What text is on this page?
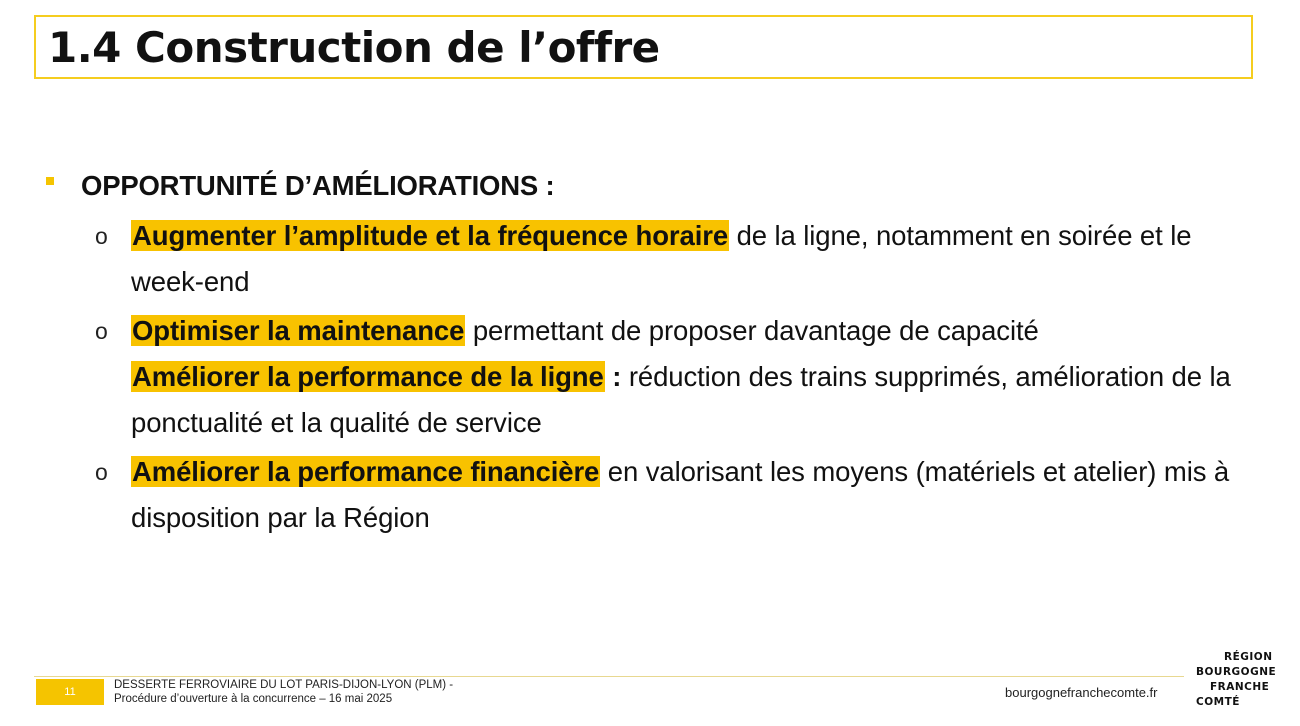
1.4 Construction de l’offre
OPPORTUNITÉ D’AMÉLIORATIONS :
o Augmenter l’amplitude et la fréquence horaire de la ligne, notamment en soirée et le week-end
o Optimiser la maintenance permettant de proposer davantage de capacité
Améliorer la performance de la ligne : réduction des trains supprimés, amélioration de la ponctualité et la qualité de service
o Améliorer la performance financière en valorisant les moyens (matériels et atelier) mis à disposition par la Région
11
DESSERTE FERROVIAIRE DU LOT PARIS-DIJON-LYON (PLM) -
Procédure d’ouverture à la concurrence – 16 mai 2025	bourgognefranchecomte.fr
RÉGION
BOURGOGNE
FRANCHE
COMTÉ
